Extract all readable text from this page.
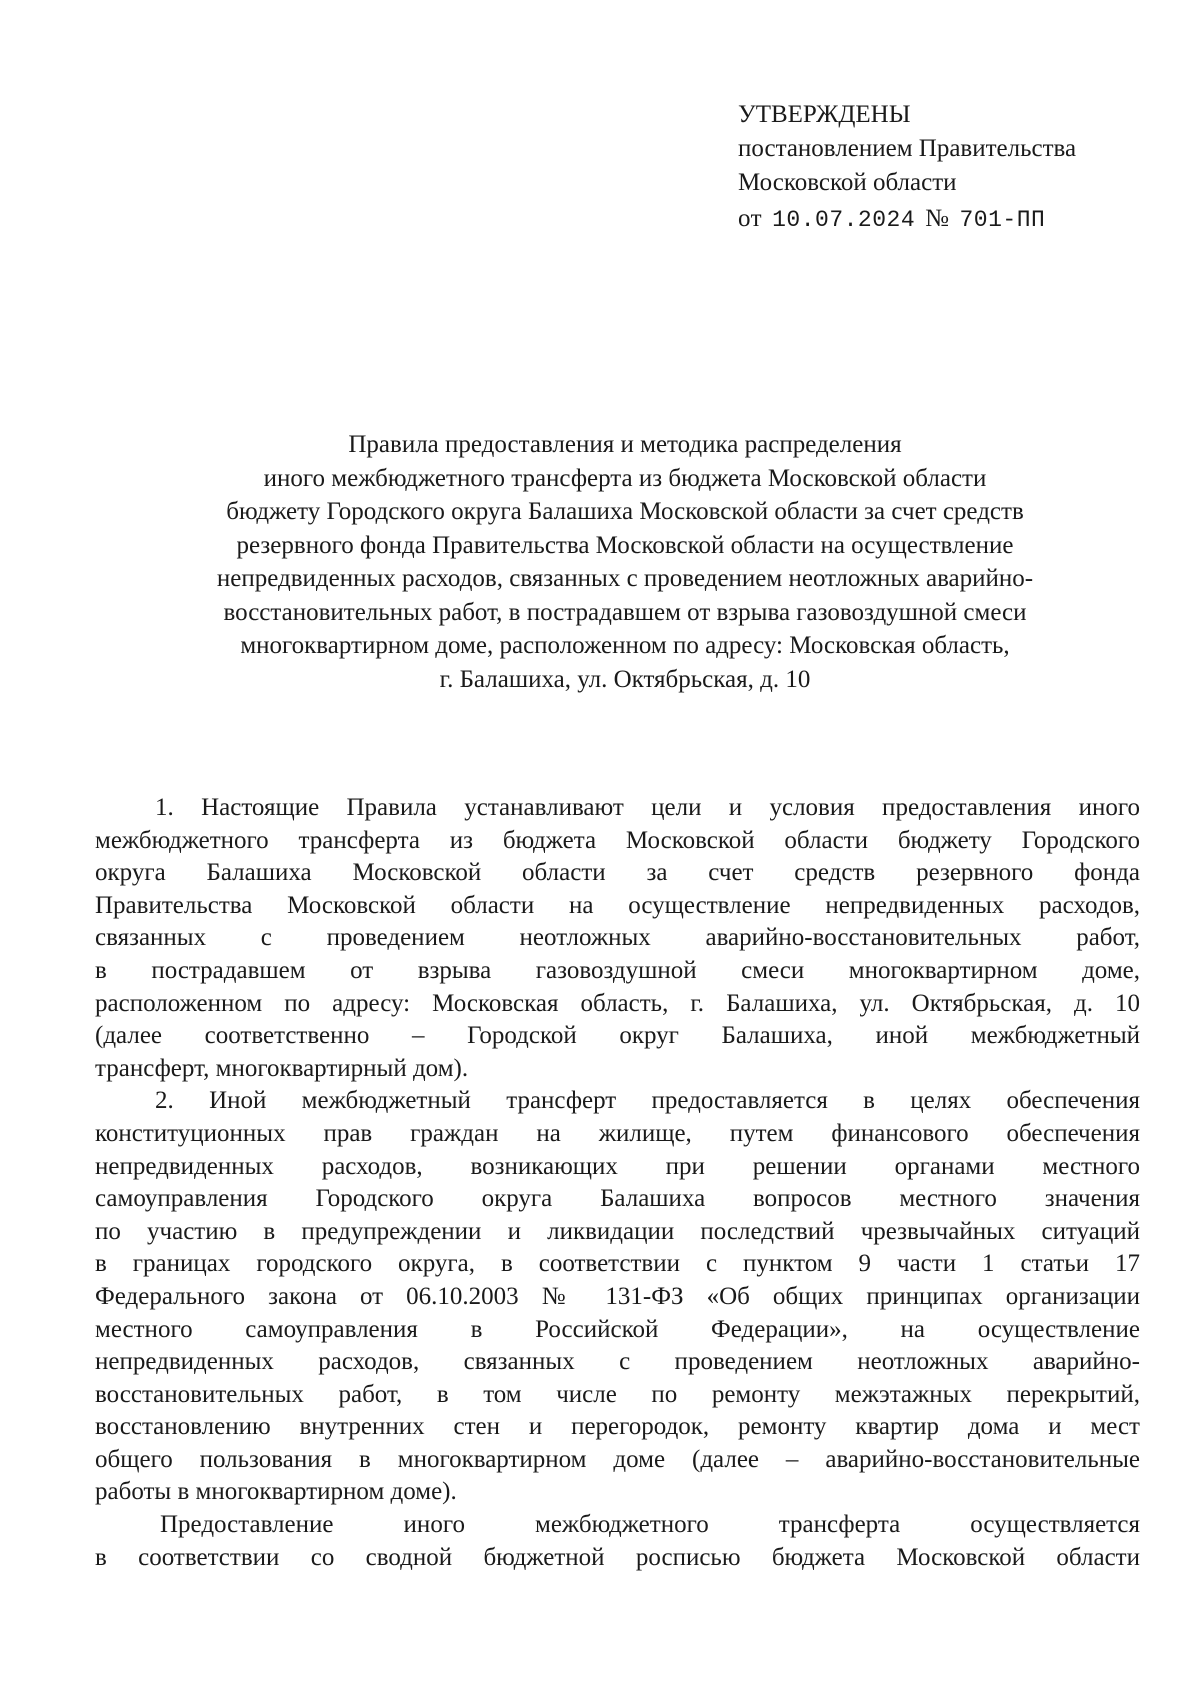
УТВЕРЖДЕНЫ
постановлением Правительства
Московской области
от 10.07.2024 № 701-ПП
Правила предоставления и методика распределения
иного межбюджетного трансферта из бюджета Московской области
бюджету Городского округа Балашиха Московской области за счет средств
резервного фонда Правительства Московской области на осуществление
непредвиденных расходов, связанных с проведением неотложных аварийно-
восстановительных работ, в пострадавшем от взрыва газовоздушной смеси
многоквартирном доме, расположенном по адресу: Московская область,
г. Балашиха, ул. Октябрьская, д. 10
1. Настоящие Правила устанавливают цели и условия предоставления иного
межбюджетного трансферта из бюджета Московской области бюджету Городского
округа Балашиха Московской области за счет средств резервного фонда
Правительства Московской области на осуществление непредвиденных расходов,
связанных с проведением неотложных аварийно-восстановительных работ,
в пострадавшем от взрыва газовоздушной смеси многоквартирном доме,
расположенном по адресу: Московская область, г. Балашиха, ул. Октябрьская, д. 10
(далее соответственно – Городской округ Балашиха, иной межбюджетный
трансферт, многоквартирный дом).
2. Иной межбюджетный трансферт предоставляется в целях обеспечения
конституционных прав граждан на жилище, путем финансового обеспечения
непредвиденных расходов, возникающих при решении органами местного
самоуправления Городского округа Балашиха вопросов местного значения
по участию в предупреждении и ликвидации последствий чрезвычайных ситуаций
в границах городского округа, в соответствии с пунктом 9 части 1 статьи 17
Федерального закона от 06.10.2003 № 131-ФЗ «Об общих принципах организации
местного самоуправления в Российской Федерации», на осуществление
непредвиденных расходов, связанных с проведением неотложных аварийно-
восстановительных работ, в том числе по ремонту межэтажных перекрытий,
восстановлению внутренних стен и перегородок, ремонту квартир дома и мест
общего пользования в многоквартирном доме (далее – аварийно-восстановительные
работы в многоквартирном доме).
Предоставление иного межбюджетного трансферта осуществляется
в соответствии со сводной бюджетной росписью бюджета Московской области
